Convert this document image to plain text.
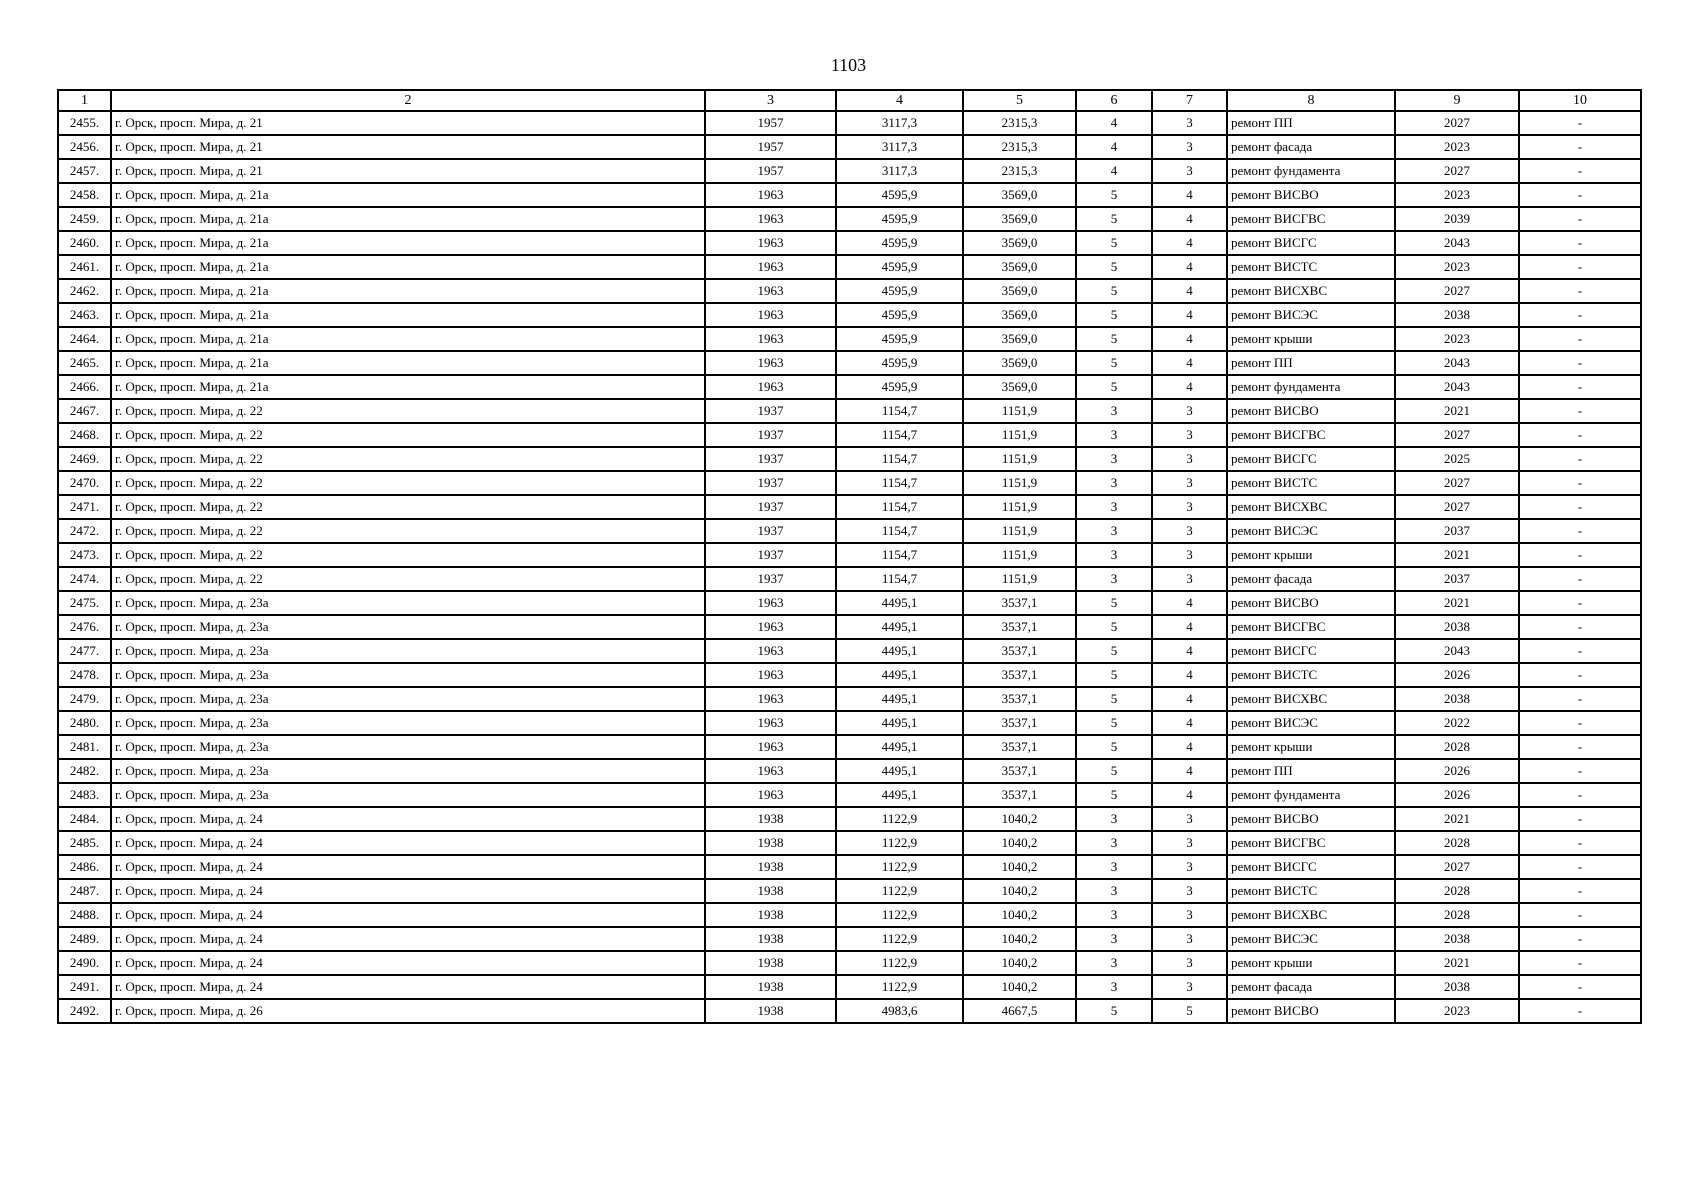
1103
1	2	3	4	5	6	7	8	9	10
2455.	г. Орск, просп. Мира, д. 21	1957	3117,3	2315,3	4	3	ремонт ПП	2027	-
2456.	г. Орск, просп. Мира, д. 21	1957	3117,3	2315,3	4	3	ремонт фасада	2023	-
2457.	г. Орск, просп. Мира, д. 21	1957	3117,3	2315,3	4	3	ремонт фундамента	2027	-
2458.	г. Орск, просп. Мира, д. 21а	1963	4595,9	3569,0	5	4	ремонт ВИСВО	2023	-
2459.	г. Орск, просп. Мира, д. 21а	1963	4595,9	3569,0	5	4	ремонт ВИСГВС	2039	-
2460.	г. Орск, просп. Мира, д. 21а	1963	4595,9	3569,0	5	4	ремонт ВИСГС	2043	-
2461.	г. Орск, просп. Мира, д. 21а	1963	4595,9	3569,0	5	4	ремонт ВИСТС	2023	-
2462.	г. Орск, просп. Мира, д. 21а	1963	4595,9	3569,0	5	4	ремонт ВИСХВС	2027	-
2463.	г. Орск, просп. Мира, д. 21а	1963	4595,9	3569,0	5	4	ремонт ВИСЭС	2038	-
2464.	г. Орск, просп. Мира, д. 21а	1963	4595,9	3569,0	5	4	ремонт крыши	2023	-
2465.	г. Орск, просп. Мира, д. 21а	1963	4595,9	3569,0	5	4	ремонт ПП	2043	-
2466.	г. Орск, просп. Мира, д. 21а	1963	4595,9	3569,0	5	4	ремонт фундамента	2043	-
2467.	г. Орск, просп. Мира, д. 22	1937	1154,7	1151,9	3	3	ремонт ВИСВО	2021	-
2468.	г. Орск, просп. Мира, д. 22	1937	1154,7	1151,9	3	3	ремонт ВИСГВС	2027	-
2469.	г. Орск, просп. Мира, д. 22	1937	1154,7	1151,9	3	3	ремонт ВИСГС	2025	-
2470.	г. Орск, просп. Мира, д. 22	1937	1154,7	1151,9	3	3	ремонт ВИСТС	2027	-
2471.	г. Орск, просп. Мира, д. 22	1937	1154,7	1151,9	3	3	ремонт ВИСХВС	2027	-
2472.	г. Орск, просп. Мира, д. 22	1937	1154,7	1151,9	3	3	ремонт ВИСЭС	2037	-
2473.	г. Орск, просп. Мира, д. 22	1937	1154,7	1151,9	3	3	ремонт крыши	2021	-
2474.	г. Орск, просп. Мира, д. 22	1937	1154,7	1151,9	3	3	ремонт фасада	2037	-
2475.	г. Орск, просп. Мира, д. 23а	1963	4495,1	3537,1	5	4	ремонт ВИСВО	2021	-
2476.	г. Орск, просп. Мира, д. 23а	1963	4495,1	3537,1	5	4	ремонт ВИСГВС	2038	-
2477.	г. Орск, просп. Мира, д. 23а	1963	4495,1	3537,1	5	4	ремонт ВИСГС	2043	-
2478.	г. Орск, просп. Мира, д. 23а	1963	4495,1	3537,1	5	4	ремонт ВИСТС	2026	-
2479.	г. Орск, просп. Мира, д. 23а	1963	4495,1	3537,1	5	4	ремонт ВИСХВС	2038	-
2480.	г. Орск, просп. Мира, д. 23а	1963	4495,1	3537,1	5	4	ремонт ВИСЭС	2022	-
2481.	г. Орск, просп. Мира, д. 23а	1963	4495,1	3537,1	5	4	ремонт крыши	2028	-
2482.	г. Орск, просп. Мира, д. 23а	1963	4495,1	3537,1	5	4	ремонт ПП	2026	-
2483.	г. Орск, просп. Мира, д. 23а	1963	4495,1	3537,1	5	4	ремонт фундамента	2026	-
2484.	г. Орск, просп. Мира, д. 24	1938	1122,9	1040,2	3	3	ремонт ВИСВО	2021	-
2485.	г. Орск, просп. Мира, д. 24	1938	1122,9	1040,2	3	3	ремонт ВИСГВС	2028	-
2486.	г. Орск, просп. Мира, д. 24	1938	1122,9	1040,2	3	3	ремонт ВИСГС	2027	-
2487.	г. Орск, просп. Мира, д. 24	1938	1122,9	1040,2	3	3	ремонт ВИСТС	2028	-
2488.	г. Орск, просп. Мира, д. 24	1938	1122,9	1040,2	3	3	ремонт ВИСХВС	2028	-
2489.	г. Орск, просп. Мира, д. 24	1938	1122,9	1040,2	3	3	ремонт ВИСЭС	2038	-
2490.	г. Орск, просп. Мира, д. 24	1938	1122,9	1040,2	3	3	ремонт крыши	2021	-
2491.	г. Орск, просп. Мира, д. 24	1938	1122,9	1040,2	3	3	ремонт фасада	2038	-
2492.	г. Орск, просп. Мира, д. 26	1938	4983,6	4667,5	5	5	ремонт ВИСВО	2023	-
